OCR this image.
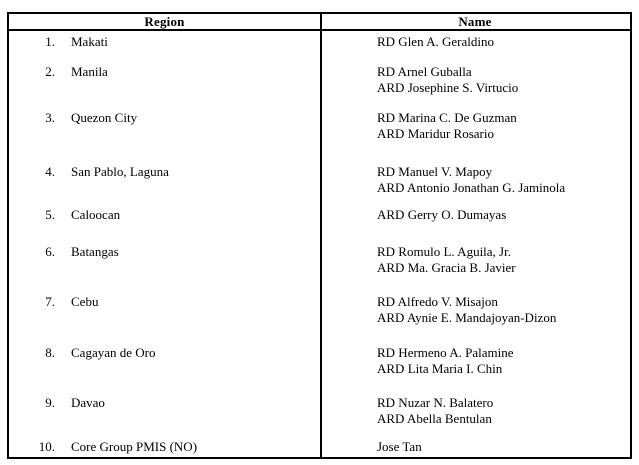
Region	Name
1. Makati	RD Glen A. Geraldino
2. Manila	RD Arnel Guballa
ARD Josephine S. Virtucio
3. Quezon City	RD Marina C. De Guzman
ARD Maridur Rosario
4. San Pablo, Laguna	RD Manuel V. Mapoy
ARD Antonio Jonathan G. Jaminola
5. Caloocan	ARD Gerry O. Dumayas
6. Batangas	RD Romulo L. Aguila, Jr.
ARD Ma. Gracia B. Javier
7. Cebu	RD Alfredo V. Misajon
ARD Aynie E. Mandajoyan-Dizon
8. Cagayan de Oro	RD Hermeno A. Palamine
ARD Lita Maria I. Chin
9. Davao	RD Nuzar N. Balatero
ARD Abella Bentulan
10. Core Group PMIS (NO)	Jose Tan
